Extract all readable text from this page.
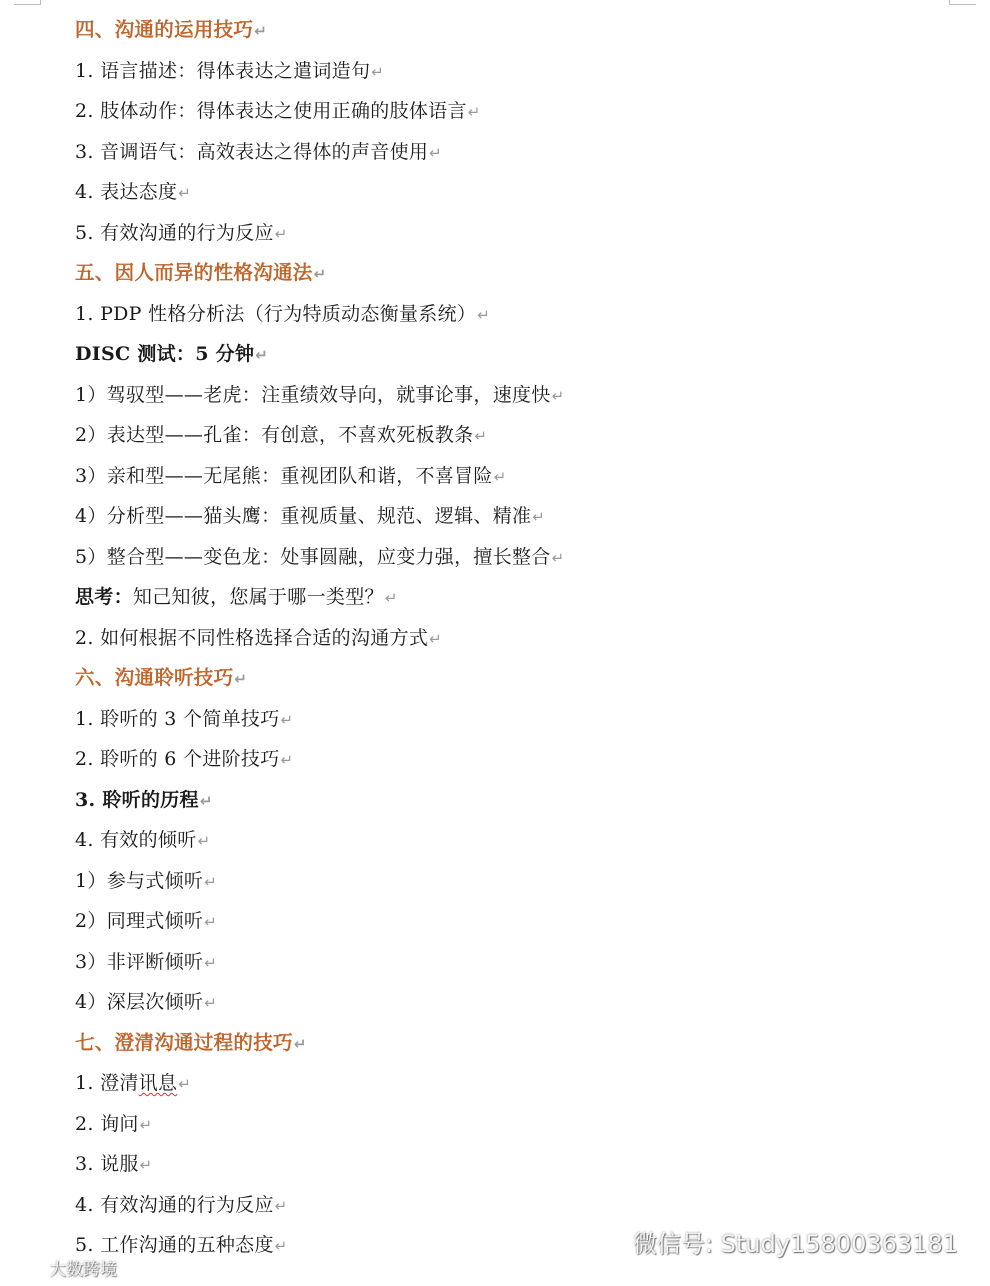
四、沟通的运用技巧↵
1. 语言描述：得体表达之遣词造句↵
2. 肢体动作：得体表达之使用正确的肢体语言↵
3. 音调语气：高效表达之得体的声音使用↵
4. 表达态度↵
5. 有效沟通的行为反应↵
五、因人而异的性格沟通法↵
1. PDP 性格分析法（行为特质动态衡量系统）↵
DISC 测试：5 分钟↵
1）驾驭型——老虎：注重绩效导向，就事论事，速度快↵
2）表达型——孔雀：有创意，不喜欢死板教条↵
3）亲和型——无尾熊：重视团队和谐，不喜冒险↵
4）分析型——猫头鹰：重视质量、规范、逻辑、精准↵
5）整合型——变色龙：处事圆融，应变力强，擅长整合↵
思考：知己知彼，您属于哪一类型？↵
2. 如何根据不同性格选择合适的沟通方式↵
六、沟通聆听技巧↵
1. 聆听的 3 个简单技巧↵
2. 聆听的 6 个进阶技巧↵
3. 聆听的历程↵
4. 有效的倾听↵
1）参与式倾听↵
2）同理式倾听↵
3）非评断倾听↵
4）深层次倾听↵
七、澄清沟通过程的技巧↵
1. 澄清讯息↵
2. 询问↵
3. 说服↵
4. 有效沟通的行为反应↵
5. 工作沟通的五种态度↵	微信号: Study15800363181
大数跨境
